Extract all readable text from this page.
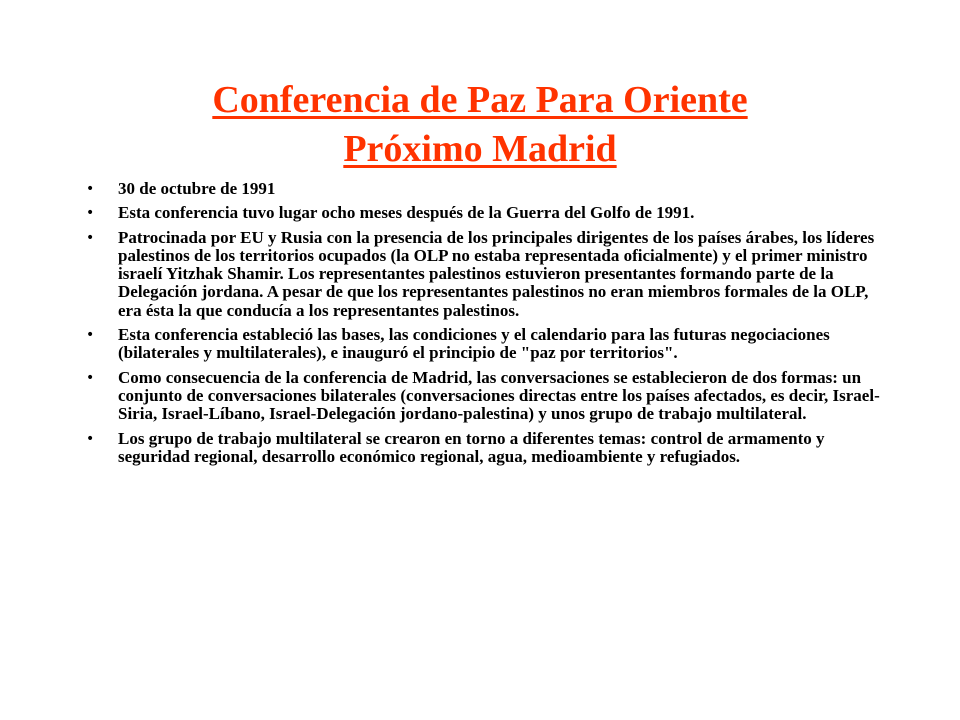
Conferencia de Paz Para Oriente
Próximo Madrid
• 30 de octubre de 1991
• Esta conferencia tuvo lugar ocho meses después de la Guerra del Golfo de 1991.
• Patrocinada por EU y Rusia con la presencia de los principales dirigentes de los países árabes, los líderes palestinos de los territorios ocupados (la OLP no estaba representada oficialmente) y el primer ministro israelí Yitzhak Shamir. Los representantes palestinos estuvieron presentantes formando parte de la Delegación jordana. A pesar de que los representantes palestinos no eran miembros formales de la OLP, era ésta la que conducía a los representantes palestinos.
• Esta conferencia estableció las bases, las condiciones y el calendario para las futuras negociaciones (bilaterales y multilaterales), e inauguró el principio de "paz por territorios".
• Como consecuencia de la conferencia de Madrid, las conversaciones se establecieron de dos formas: un conjunto de conversaciones bilaterales (conversaciones directas entre los países afectados, es decir, Israel-Siria, Israel-Líbano, Israel-Delegación jordano-palestina) y unos grupo de trabajo multilateral.
• Los grupo de trabajo multilateral se crearon en torno a diferentes temas: control de armamento y seguridad regional, desarrollo económico regional, agua, medioambiente y refugiados.
